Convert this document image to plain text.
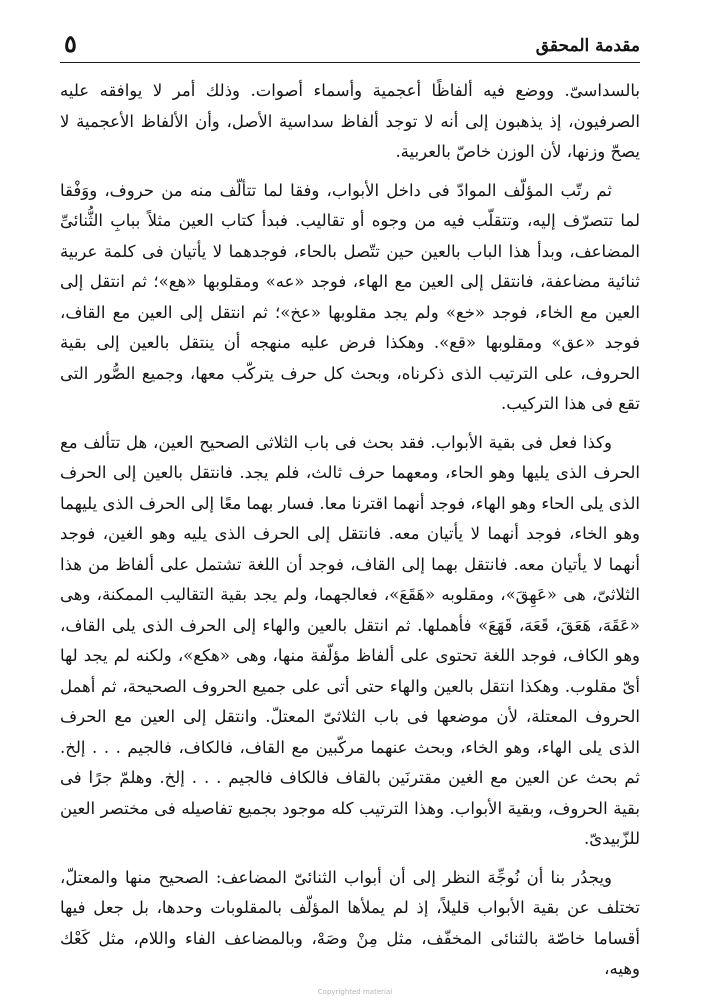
مقدمة المحقق
٥

بالسداسىّ. ووضع فيه ألفاظًا أعجمية وأسماء أصوات. وذلك أمر لا يوافقه عليه الصرفيون، إذ يذهبون إلى أنه لا توجد ألفاظ سداسية الأصل، وأن الألفاظ الأعجمية لا يصحّ وزنها، لأن الوزن خاصّ بالعربية.

ثم رتّب المؤلّف الموادّ فى داخل الأبواب، وفقا لما تتألّف منه من حروف، ووَفْقا لما تتصرّف إليه، وتتقلّب فيه من وجوه أو تقاليب. فبدأ كتاب العين مثلاً ببابِ الثُّنائىِّ المضاعف، وبدأ هذا الباب بالعين حين تتّصل بالحاء، فوجدهما لا يأتيان فى كلمة عربية ثنائية مضاعفة، فانتقل إلى العين مع الهاء، فوجد «عه» ومقلوبها «هع»؛ ثم انتقل إلى العين مع الخاء، فوجد «خع» ولم يجد مقلوبها «عخ»؛ ثم انتقل إلى العين مع القاف، فوجد «عق» ومقلوبها «قع». وهكذا فرض عليه منهجه أن ينتقل بالعين إلى بقية الحروف، على الترتيب الذى ذكرناه، وبحث كل حرف يتركّب معها، وجميع الصُّور التى تقع فى هذا التركيب.

وكذا فعل فى بقية الأبواب. فقد بحث فى باب الثلاثى الصحيح العين، هل تتألف مع الحرف الذى يليها وهو الحاء، ومعهما حرف ثالث، فلم يجد. فانتقل بالعين إلى الحرف الذى يلى الحاء وهو الهاء، فوجد أنهما اقترنا معا. فسار بهما معًا إلى الحرف الذى يليهما وهو الخاء، فوجد أنهما لا يأتيان معه. فانتقل إلى الحرف الذى يليه وهو الغين، فوجد أنهما لا يأتيان معه. فانتقل بهما إلى القاف، فوجد أن اللغة تشتمل على ألفاظ من هذا الثلاثىّ، هى «عَهِقَ»، ومقلوبه «هَقَعَ»، فعالجهما، ولم يجد بقية التقاليب الممكنة، وهى «عَقَهَ، هَعَقَ، قَعَهَ، قَهَعَ» فأهملها. ثم انتقل بالعين والهاء إلى الحرف الذى يلى القاف، وهو الكاف، فوجد اللغة تحتوى على ألفاظ مؤلّفة منها، وهى «هكع»، ولكنه لم يجد لها أىّ مقلوب. وهكذا انتقل بالعين والهاء حتى أتى على جميع الحروف الصحيحة، ثم أهمل الحروف المعتلة، لأن موضعها فى باب الثلاثىّ المعتلّ. وانتقل إلى العين مع الحرف الذى يلى الهاء، وهو الخاء، وبحث عنهما مركّبين مع القاف، فالكاف، فالجيم . . . إلخ. ثم بحث عن العين مع الغين مقترنَين بالقاف فالكاف فالجيم . . . إلخ. وهلمّ جرًا فى بقية الحروف، وبقية الأبواب. وهذا الترتيب كله موجود بجميع تفاصيله فى مختصر العين للزّبيدىّ.

ويجدُر بنا أن نُوجِّهَ النظر إلى أن أبواب الثنائىّ المضاعف: الصحيح منها والمعتلّ، تختلف عن بقية الأبواب قليلاً، إذ لم يملأها المؤلّف بالمقلوبات وحدها، بل جعل فيها أقساما خاصّة بالثنائى المخفّف، مثل مِنْ وصَهْ، وبالمضاعف الفاء واللام، مثل كَعْك وهيه،

Copyrighted material
